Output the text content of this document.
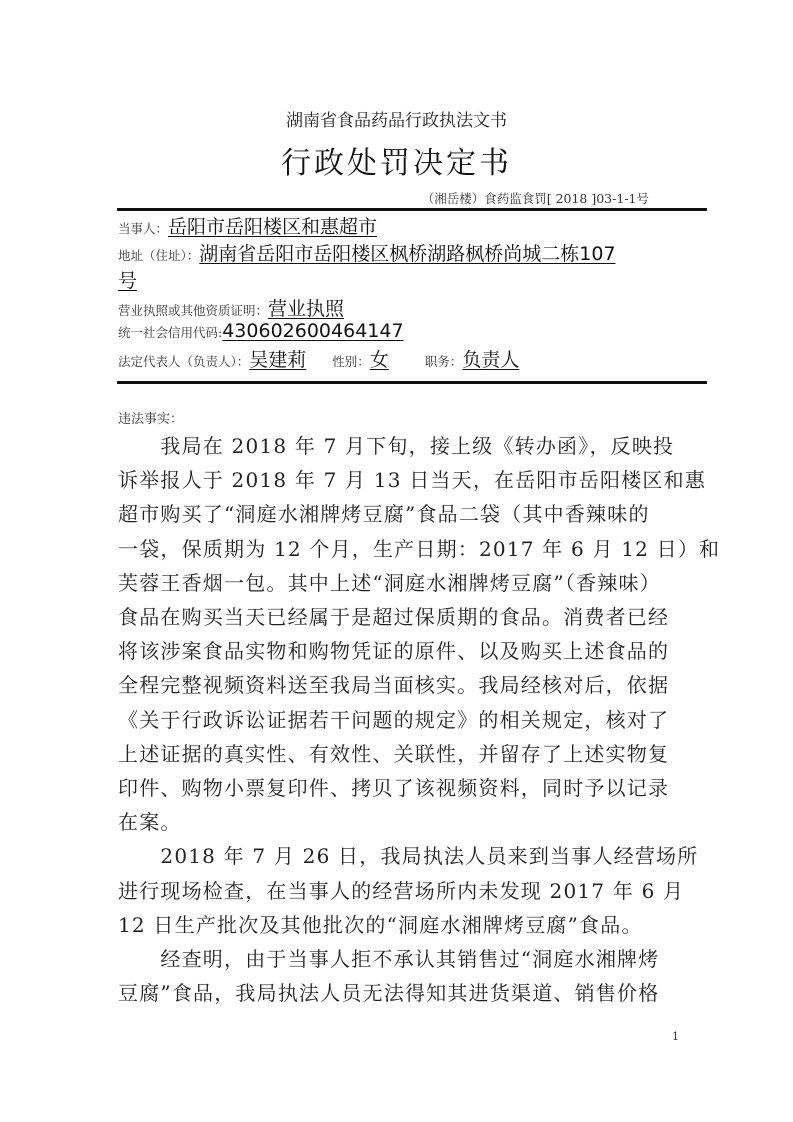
湖南省食品药品行政执法文书
行政处罚决定书
（湘岳楼）食药监食罚[ 2018 ]03-1-1号
当事人：岳阳市岳阳楼区和惠超市
地址（住址）：湖南省岳阳市岳阳楼区枫桥湖路枫桥尚城二栋107
号
营业执照或其他资质证明：营业执照
统一社会信用代码:430602600464147
法定代表人（负责人）：吴建莉 性别：女	职务：负责人
违法事实：
　　我局在 2018 年 7 月下旬，接上级《转办函》，反映投
诉举报人于 2018 年 7 月 13 日当天，在岳阳市岳阳楼区和惠
超市购买了“洞庭水湘牌烤豆腐”食品二袋（其中香辣味的
一袋，保质期为 12 个月，生产日期：2017 年 6 月 12 日）和
芙蓉王香烟一包。其中上述“洞庭水湘牌烤豆腐”（香辣味）
食品在购买当天已经属于是超过保质期的食品。消费者已经
将该涉案食品实物和购物凭证的原件、以及购买上述食品的
全程完整视频资料送至我局当面核实。我局经核对后，依据
《关于行政诉讼证据若干问题的规定》的相关规定，核对了
上述证据的真实性、有效性、关联性，并留存了上述实物复
印件、购物小票复印件、拷贝了该视频资料，同时予以记录
在案。
　　2018 年 7 月 26 日，我局执法人员来到当事人经营场所
进行现场检查，在当事人的经营场所内未发现 2017 年 6 月
12 日生产批次及其他批次的“洞庭水湘牌烤豆腐”食品。
　　经查明，由于当事人拒不承认其销售过“洞庭水湘牌烤
豆腐”食品，我局执法人员无法得知其进货渠道、销售价格
1
